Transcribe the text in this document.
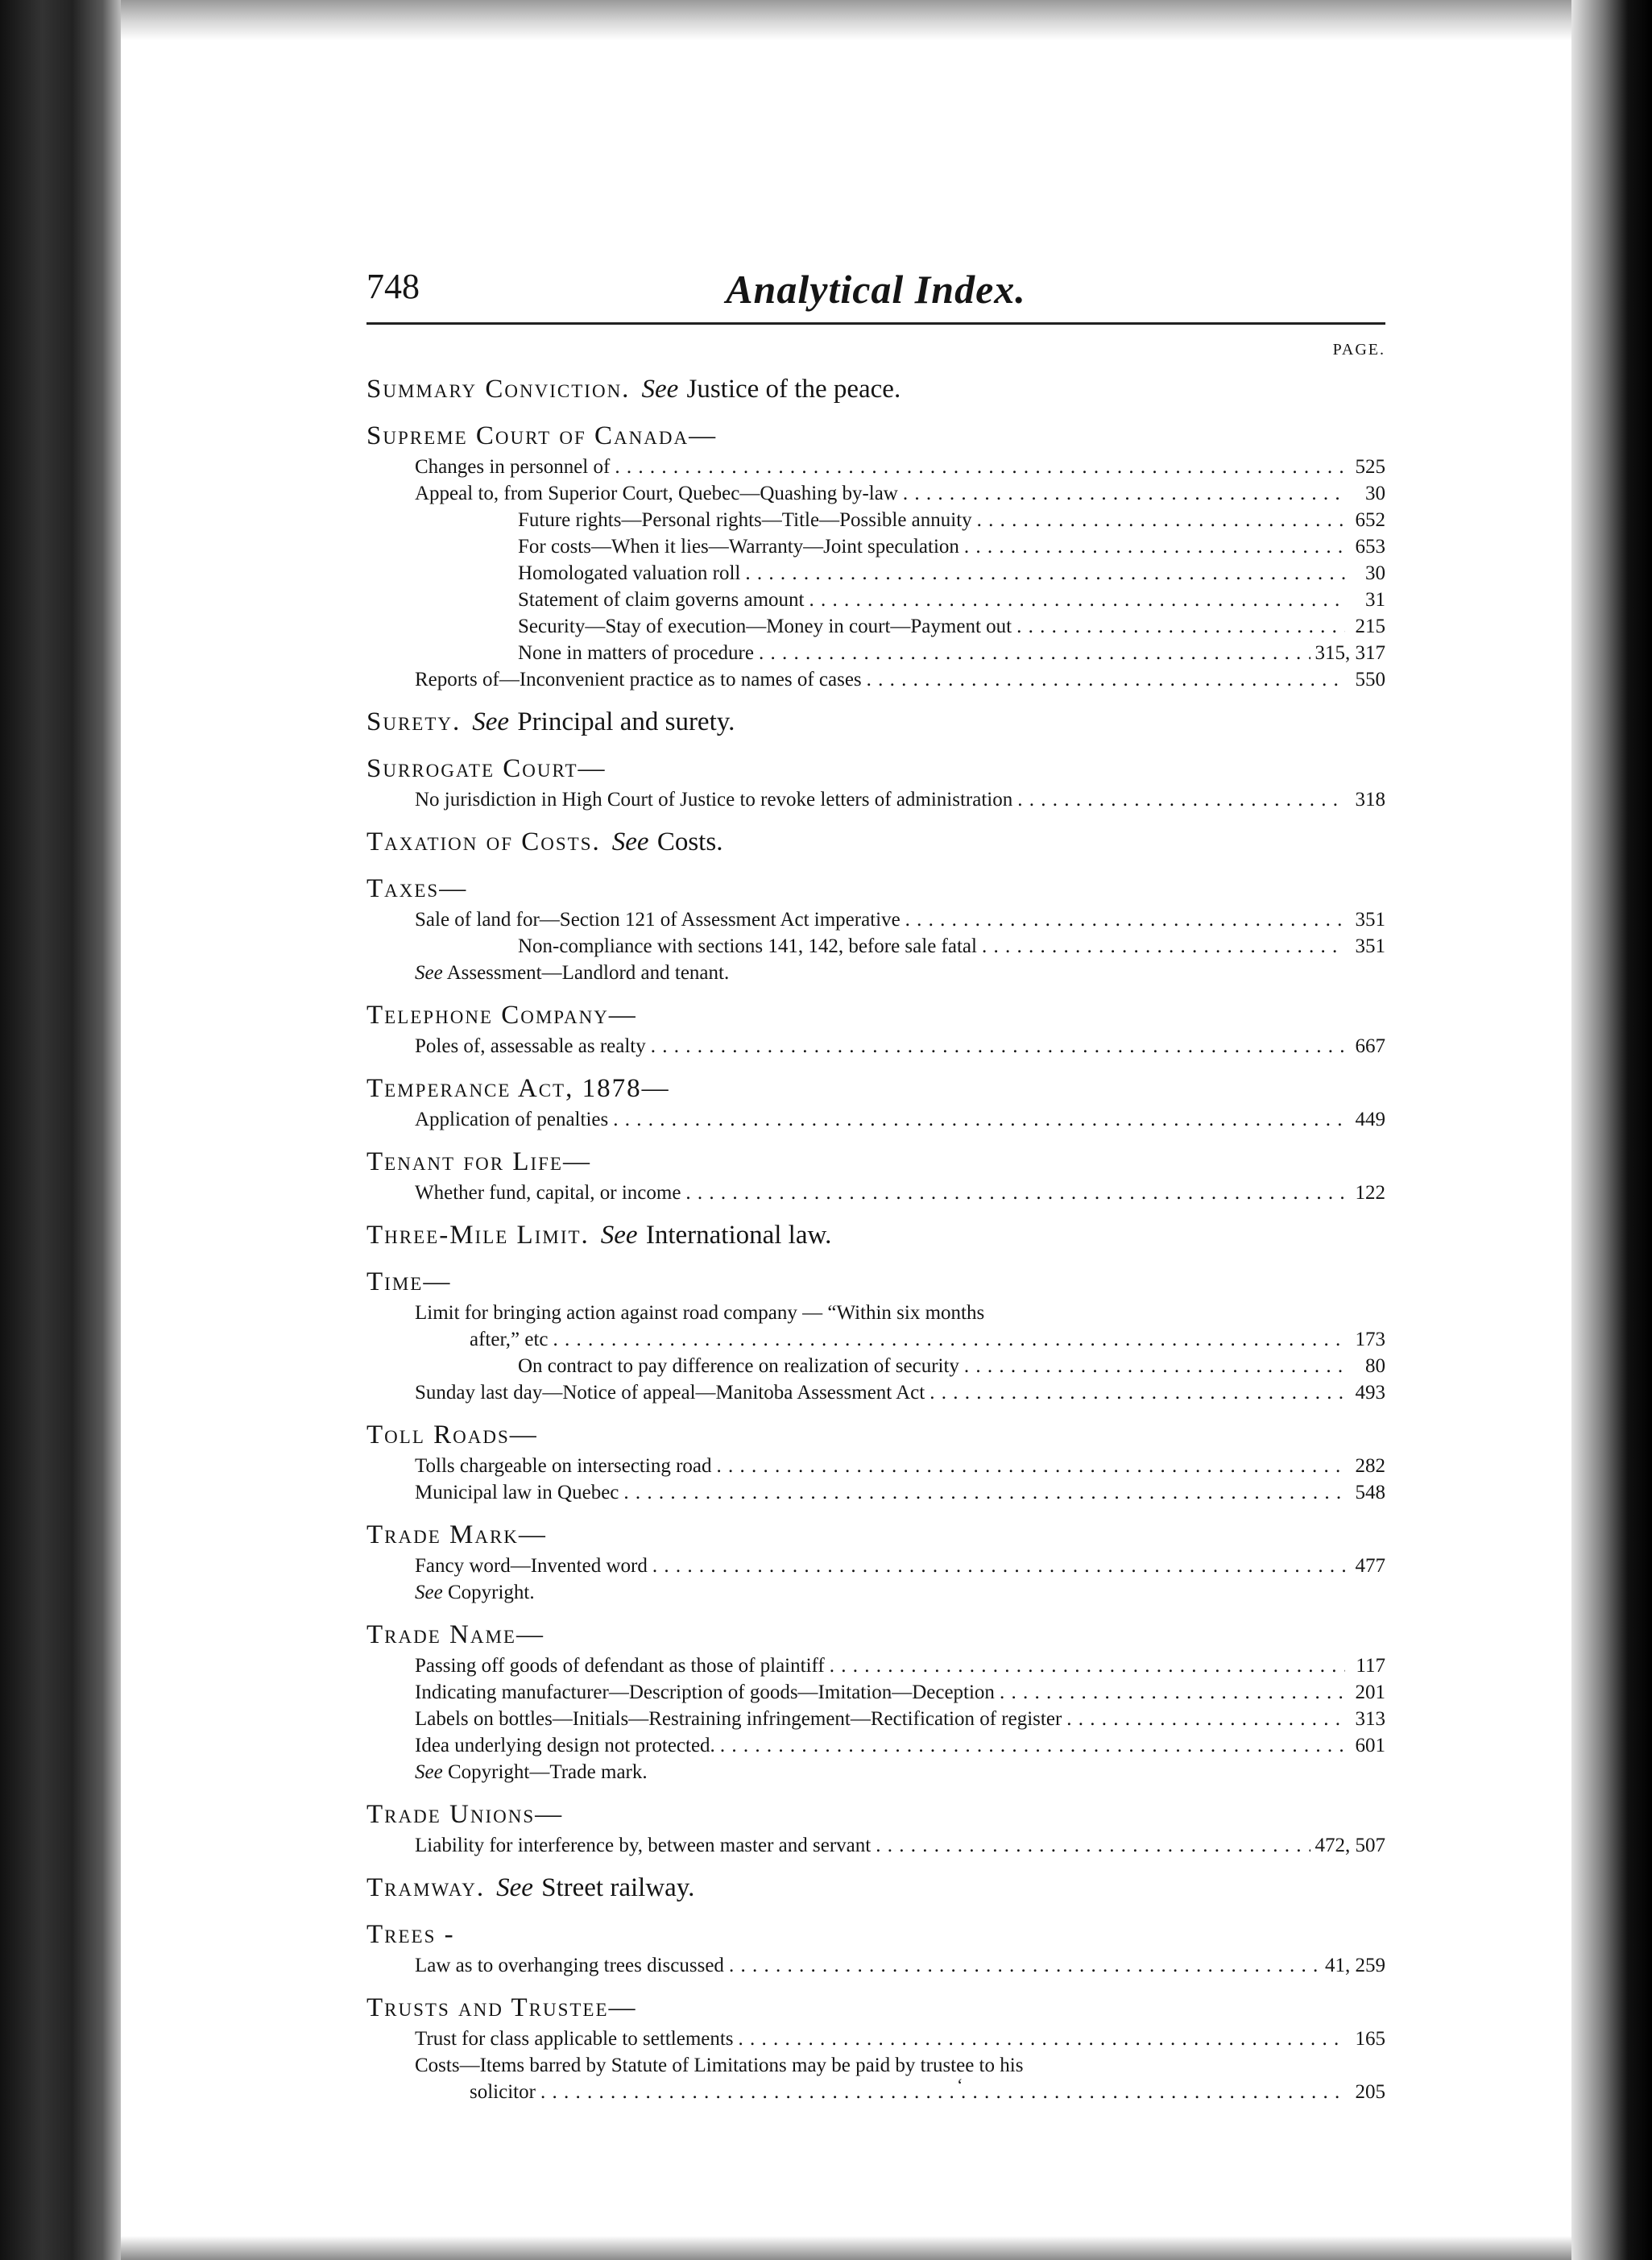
748	Analytical Index.
PAGE.
Summary Conviction. See Justice of the peace.
Supreme Court of Canada—
Changes in personnel of . . .	525
Appeal to, from Superior Court, Quebec—Quashing by-law . . .	30
Future rights—Personal rights—Title—Possible annuity . . .	652
For costs—When it lies—Warranty—Joint speculation . . .	653
Homologated valuation roll . . .	30
Statement of claim governs amount . . .	31
Security—Stay of execution—Money in court—Payment out . . .	215
None in matters of procedure . . .	315, 317
Reports of—Inconvenient practice as to names of cases . . .	550
Surety. See Principal and surety.
Surrogate Court—
No jurisdiction in High Court of Justice to revoke letters of administration . . .	318
Taxation of Costs. See Costs.
Taxes—
Sale of land for—Section 121 of Assessment Act imperative . . .	351
Non-compliance with sections 141, 142, before sale fatal . . .	351
See Assessment—Landlord and tenant.
Telephone Company—
Poles of, assessable as realty . . .	667
Temperance Act, 1878—
Application of penalties . . .	449
Tenant for Life—
Whether fund, capital, or income . . .	122
Three-Mile Limit. See International law.
Time—
Limit for bringing action against road company — “Within six months
after,” etc . . .	173
On contract to pay difference on realization of security . . .	80
Sunday last day—Notice of appeal—Manitoba Assessment Act . . .	493
Toll Roads—
Tolls chargeable on intersecting road . . .	282
Municipal law in Quebec . . .	548
Trade Mark—
Fancy word—Invented word . . .	477
See Copyright.
Trade Name—
Passing off goods of defendant as those of plaintiff . . .	117
Indicating manufacturer—Description of goods—Imitation—Deception . . .	201
Labels on bottles—Initials—Restraining infringement—Rectification of register . . .	313
Idea underlying design not protected. . . .	601
See Copyright—Trade mark.
Trade Unions—
Liability for interference by, between master and servant . . .	472, 507
Tramway. See Street railway.
Trees -
Law as to overhanging trees discussed . . .	41, 259
Trusts and Trustee—
Trust for class applicable to settlements . . .	165
Costs—Items barred by Statute of Limitations may be paid by trustee to his
solicitor . . .	205
‘
